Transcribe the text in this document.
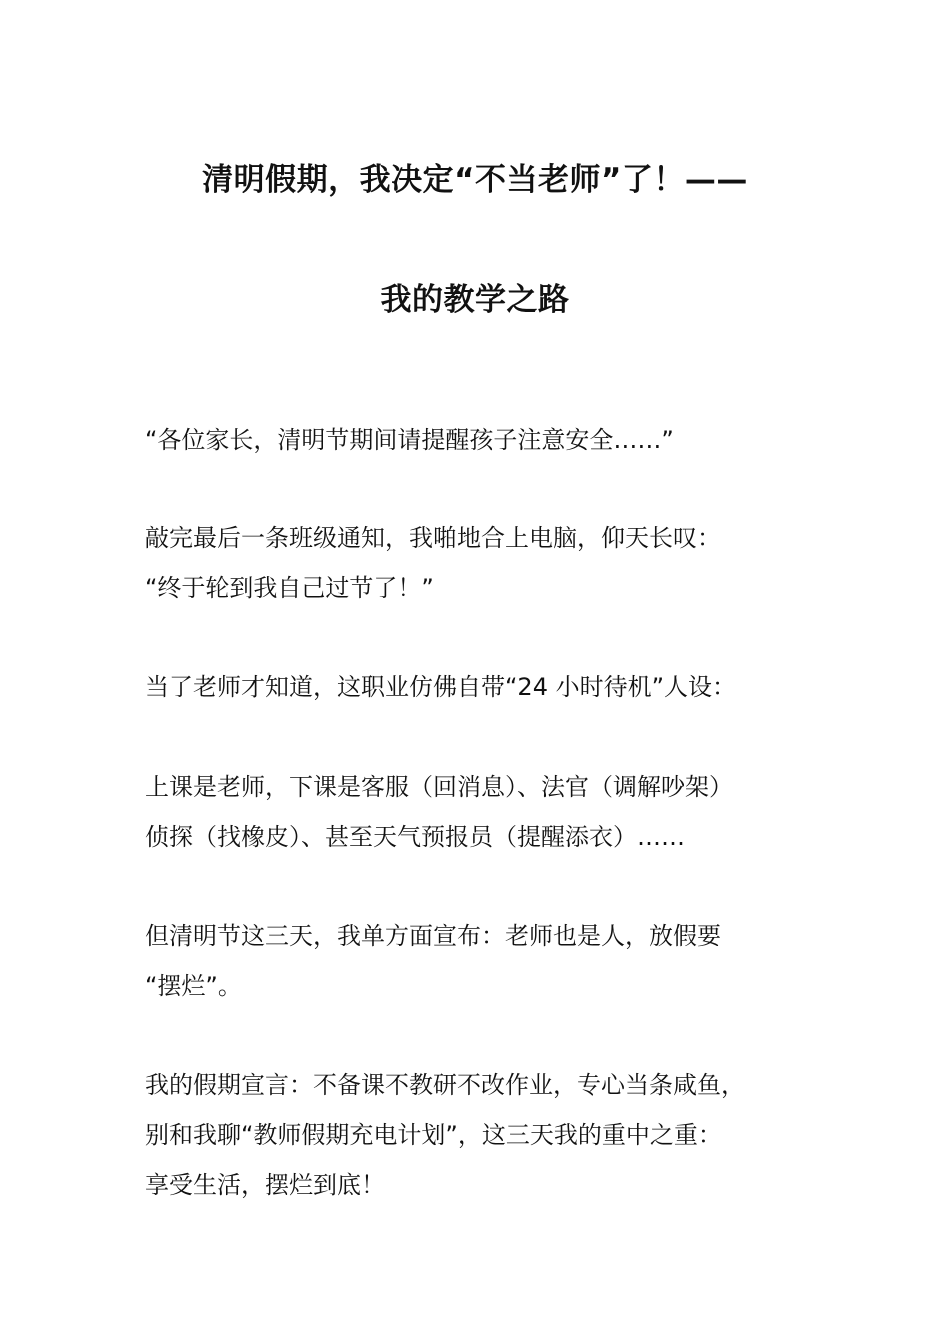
清明假期，我决定“不当老师”了！——
我的教学之路
“各位家长，清明节期间请提醒孩子注意安全……”
敲完最后一条班级通知，我啪地合上电脑，仰天长叹：
“终于轮到我自己过节了！”
当了老师才知道，这职业仿佛自带“24 小时待机”人设：
上课是老师，下课是客服（回消息）、法官（调解吵架）
侦探（找橡皮）、甚至天气预报员（提醒添衣）……
但清明节这三天，我单方面宣布：老师也是人，放假要
“摆烂”。
我的假期宣言：不备课不教研不改作业，专心当条咸鱼，
别和我聊“教师假期充电计划”，这三天我的重中之重：
享受生活，摆烂到底！
